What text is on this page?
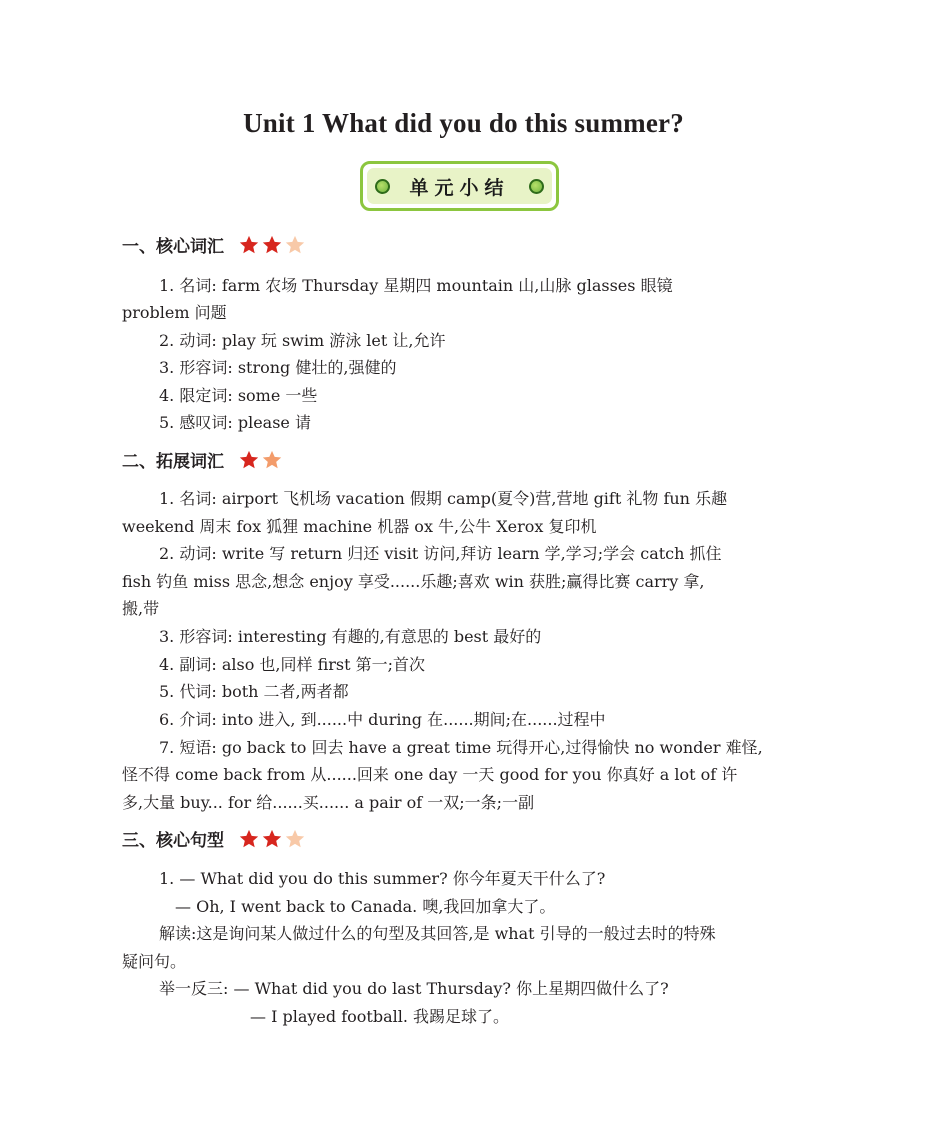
Unit 1 What did you do this summer?
单元小结
一、核心词汇
1. 名词: farm 农场 Thursday 星期四 mountain 山,山脉 glasses 眼镜
problem 问题
2. 动词: play 玩 swim 游泳 let 让,允许
3. 形容词: strong 健壮的,强健的
4. 限定词: some 一些
5. 感叹词: please 请
二、拓展词汇
1. 名词: airport 飞机场 vacation 假期 camp(夏令)营,营地 gift 礼物 fun 乐趣
weekend 周末 fox 狐狸 machine 机器 ox 牛,公牛 Xerox 复印机
2. 动词: write 写 return 归还 visit 访问,拜访 learn 学,学习;学会 catch 抓住
fish 钓鱼 miss 思念,想念 enjoy 享受......乐趣;喜欢 win 获胜;赢得比赛 carry 拿,
搬,带
3. 形容词: interesting 有趣的,有意思的 best 最好的
4. 副词: also 也,同样 first 第一;首次
5. 代词: both 二者,两者都
6. 介词: into 进入, 到......中 during 在......期间;在......过程中
7. 短语: go back to 回去 have a great time 玩得开心,过得愉快 no wonder 难怪,
怪不得 come back from 从......回来 one day 一天 good for you 你真好 a lot of 许
多,大量 buy... for 给......买...... a pair of 一双;一条;一副
三、核心句型
1. — What did you do this summer? 你今年夏天干什么了?
— Oh, I went back to Canada. 噢,我回加拿大了。
解读:这是询问某人做过什么的句型及其回答,是 what 引导的一般过去时的特殊
疑问句。
举一反三: — What did you do last Thursday? 你上星期四做什么了?
— I played football. 我踢足球了。
